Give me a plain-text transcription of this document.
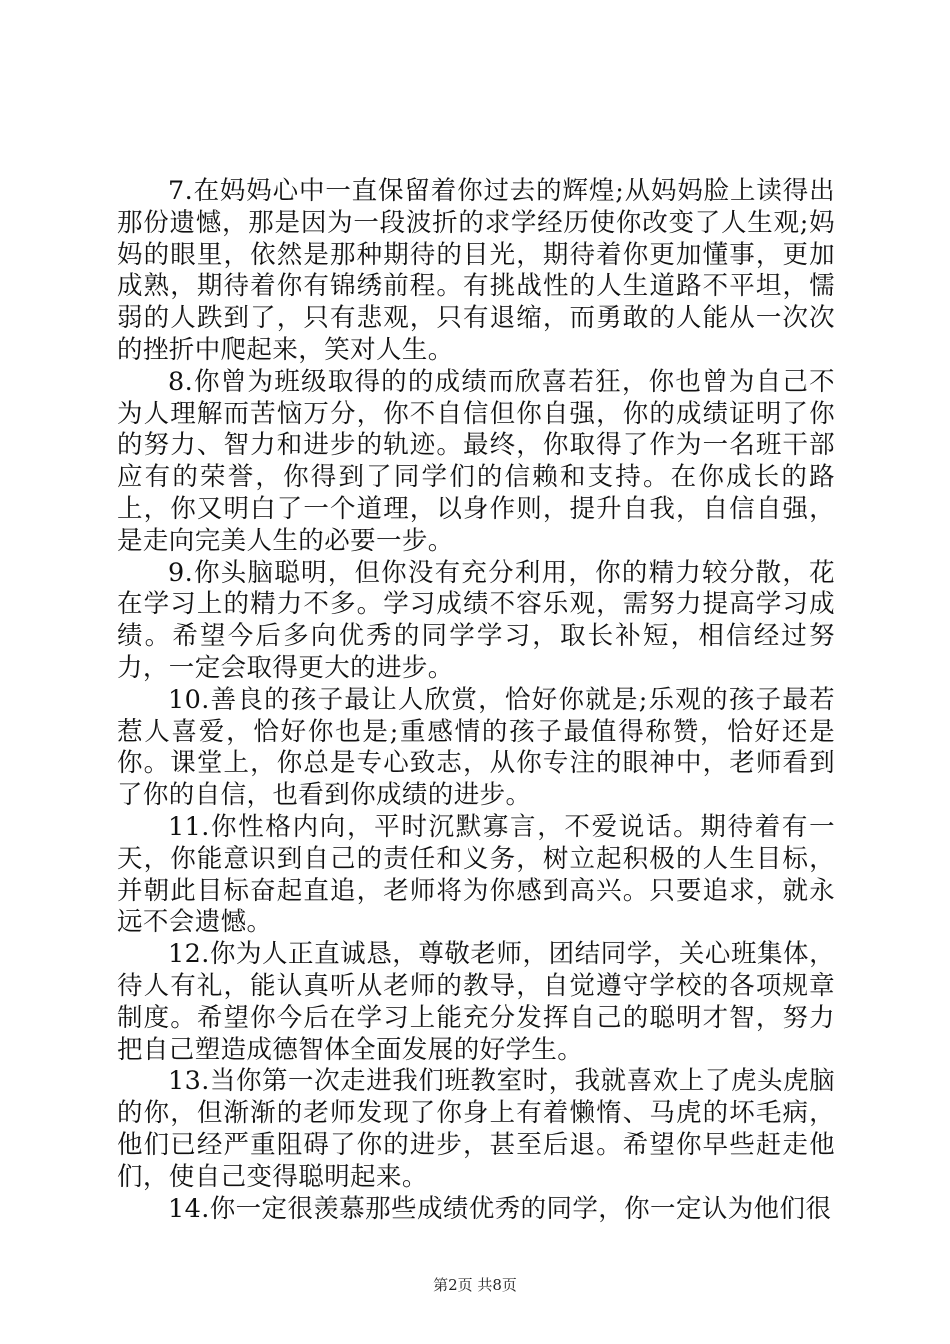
7.在妈妈心中一直保留着你过去的辉煌;从妈妈脸上读得出那份遗憾，那是因为一段波折的求学经历使你改变了人生观;妈妈的眼里，依然是那种期待的目光，期待着你更加懂事，更加成熟，期待着你有锦绣前程。有挑战性的人生道路不平坦，懦弱的人跌到了，只有悲观，只有退缩，而勇敢的人能从一次次的挫折中爬起来，笑对人生。

8.你曾为班级取得的的成绩而欣喜若狂，你也曾为自己不为人理解而苦恼万分，你不自信但你自强，你的成绩证明了你的努力、智力和进步的轨迹。最终，你取得了作为一名班干部应有的荣誉，你得到了同学们的信赖和支持。在你成长的路上，你又明白了一个道理，以身作则，提升自我，自信自强，是走向完美人生的必要一步。

9.你头脑聪明，但你没有充分利用，你的精力较分散，花在学习上的精力不多。学习成绩不容乐观，需努力提高学习成绩。希望今后多向优秀的同学学习，取长补短，相信经过努力，一定会取得更大的进步。

10.善良的孩子最让人欣赏，恰好你就是;乐观的孩子最若惹人喜爱，恰好你也是;重感情的孩子最值得称赞，恰好还是你。课堂上，你总是专心致志，从你专注的眼神中，老师看到了你的自信，也看到你成绩的进步。

11.你性格内向，平时沉默寡言，不爱说话。期待着有一天，你能意识到自己的责任和义务，树立起积极的人生目标，并朝此目标奋起直追，老师将为你感到高兴。只要追求，就永远不会遗憾。

12.你为人正直诚恳，尊敬老师，团结同学，关心班集体，待人有礼，能认真听从老师的教导，自觉遵守学校的各项规章制度。希望你今后在学习上能充分发挥自己的聪明才智，努力把自己塑造成德智体全面发展的好学生。

13.当你第一次走进我们班教室时，我就喜欢上了虎头虎脑的你，但渐渐的老师发现了你身上有着懒惰、马虎的坏毛病，他们已经严重阻碍了你的进步，甚至后退。希望你早些赶走他们，使自己变得聪明起来。

14.你一定很羡慕那些成绩优秀的同学，你一定认为他们很

第2页 共8页
